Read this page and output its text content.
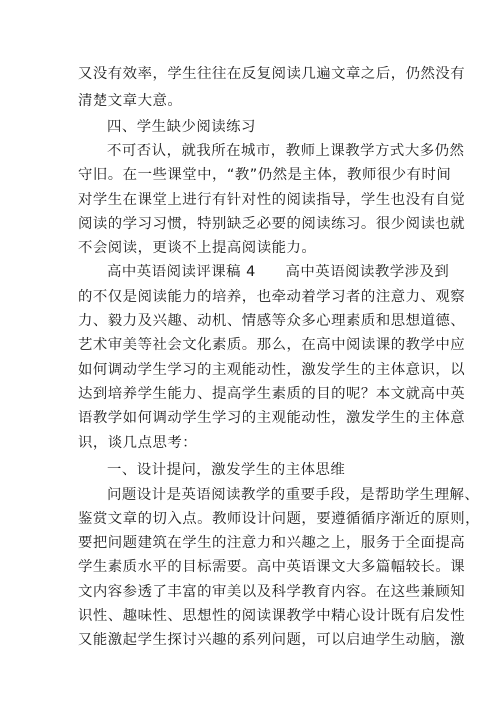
又没有效率，学生往往在反复阅读几遍文章之后，仍然没有
清楚文章大意。
四、学生缺少阅读练习
不可否认，就我所在城市，教师上课教学方式大多仍然
守旧。在一些课堂中，“教”仍然是主体，教师很少有时间
对学生在课堂上进行有针对性的阅读指导，学生也没有自觉
阅读的学习习惯，特别缺乏必要的阅读练习。很少阅读也就
不会阅读，更谈不上提高阅读能力。
高中英语阅读评课稿 4　　高中英语阅读教学涉及到
的不仅是阅读能力的培养，也牵动着学习者的注意力、观察
力、毅力及兴趣、动机、情感等众多心理素质和思想道德、
艺术审美等社会文化素质。那么，在高中阅读课的教学中应
如何调动学生学习的主观能动性，激发学生的主体意识，以
达到培养学生能力、提高学生素质的目的呢？本文就高中英
语教学如何调动学生学习的主观能动性，激发学生的主体意
识，谈几点思考：
一、设计提问，激发学生的主体思维
问题设计是英语阅读教学的重要手段，是帮助学生理解、
鉴赏文章的切入点。教师设计问题，要遵循循序渐近的原则，
要把问题建筑在学生的注意力和兴趣之上，服务于全面提高
学生素质水平的目标需要。高中英语课文大多篇幅较长。课
文内容参透了丰富的审美以及科学教育内容。在这些兼顾知
识性、趣味性、思想性的阅读课教学中精心设计既有启发性
又能激起学生探讨兴趣的系列问题，可以启迪学生动脑，激
